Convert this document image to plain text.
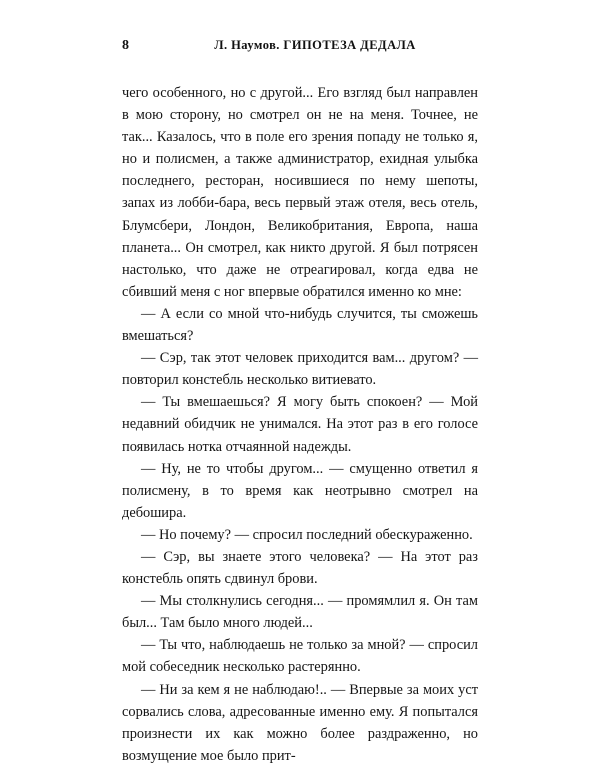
8	Л. Наумов. ГИПОТЕЗА ДЕДАЛА

чего особенного, но с другой... Его взгляд был направлен в мою сторону, но смотрел он не на меня. Точнее, не так... Казалось, что в поле его зрения попаду не только я, но и полисмен, а также администратор, ехидная улыбка последнего, ресторан, носившиеся по нему шепоты, запах из лобби-бара, весь первый этаж отеля, весь отель, Блумсбери, Лондон, Великобритания, Европа, наша планета... Он смотрел, как никто другой. Я был потрясен настолько, что даже не отреагировал, когда едва не сбивший меня с ног впервые обратился именно ко мне:

— А если со мной что-нибудь случится, ты сможешь вмешаться?

— Сэр, так этот человек приходится вам... другом? — повторил констебль несколько витиевато.

— Ты вмешаешься? Я могу быть спокоен? — Мой недавний обидчик не унимался. На этот раз в его голосе появилась нотка отчаянной надежды.

— Ну, не то чтобы другом... — смущенно ответил я полисмену, в то время как неотрывно смотрел на дебошира.

— Но почему? — спросил последний обескураженно.

— Сэр, вы знаете этого человека? — На этот раз констебль опять сдвинул брови.

— Мы столкнулись сегодня... — промямлил я. Он там был... Там было много людей...

— Ты что, наблюдаешь не только за мной? — спросил мой собеседник несколько растерянно.

— Ни за кем я не наблюдаю!.. — Впервые за моих уст сорвались слова, адресованные именно ему. Я попытался произнести их как можно более раздраженно, но возмущение мое было прит-
